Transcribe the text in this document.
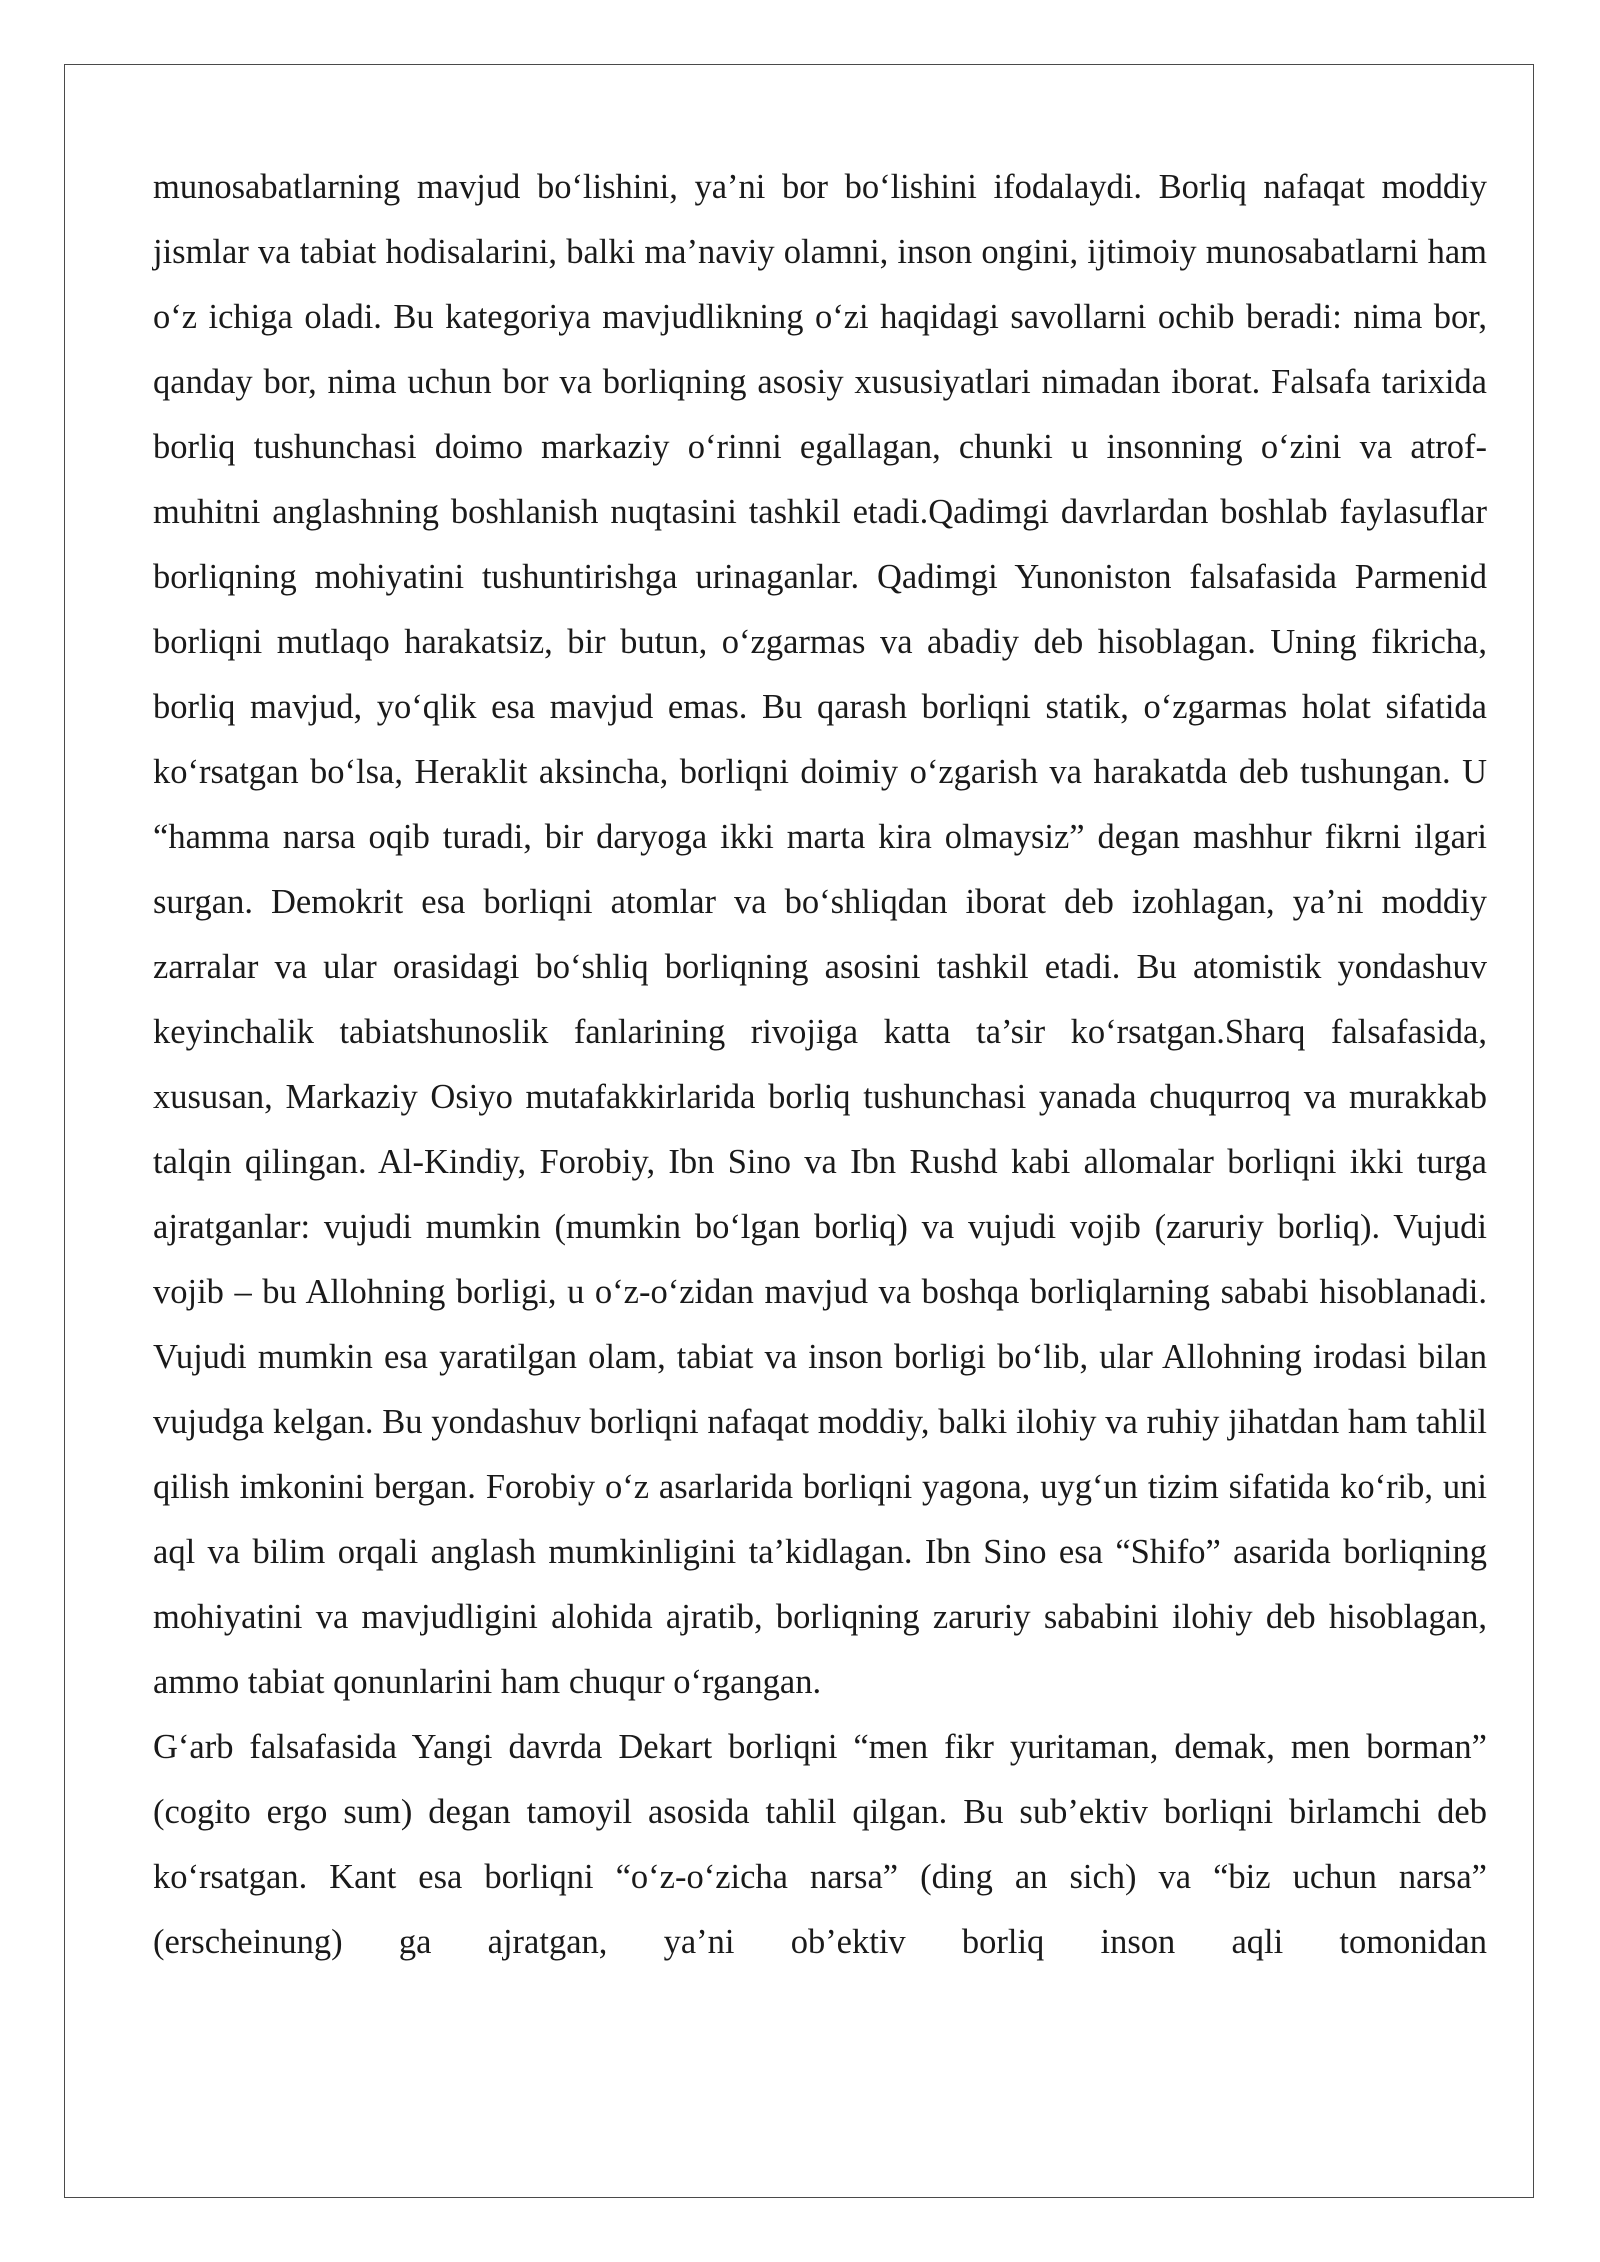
munosabatlarning mavjud bo‘lishini, ya’ni bor bo‘lishini ifodalaydi. Borliq nafaqat moddiy jismlar va tabiat hodisalarini, balki ma’naviy olamni, inson ongini, ijtimoiy munosabatlarni ham o‘z ichiga oladi. Bu kategoriya mavjudlikning o‘zi haqidagi savollarni ochib beradi: nima bor, qanday bor, nima uchun bor va borliqning asosiy xususiyatlari nimadan iborat. Falsafa tarixida borliq tushunchasi doimo markaziy o‘rinni egallagan, chunki u insonning o‘zini va atrof-muhitni anglashning boshlanish nuqtasini tashkil etadi.Qadimgi davrlardan boshlab faylasuflar borliqning mohiyatini tushuntirishga urinaganlar. Qadimgi Yunoniston falsafasida Parmenid borliqni mutlaqo harakatsiz, bir butun, o‘zgarmas va abadiy deb hisoblagan. Uning fikricha, borliq mavjud, yo‘qlik esa mavjud emas. Bu qarash borliqni statik, o‘zgarmas holat sifatida ko‘rsatgan bo‘lsa, Heraklit aksincha, borliqni doimiy o‘zgarish va harakatda deb tushungan. U “hamma narsa oqib turadi, bir daryoga ikki marta kira olmaysiz” degan mashhur fikrni ilgari surgan. Demokrit esa borliqni atomlar va bo‘shliqdan iborat deb izohlagan, ya’ni moddiy zarralar va ular orasidagi bo‘shliq borliqning asosini tashkil etadi. Bu atomistik yondashuv keyinchalik tabiatshunoslik fanlarining rivojiga katta ta’sir ko‘rsatgan.Sharq falsafasida, xususan, Markaziy Osiyo mutafakkirlarida borliq tushunchasi yanada chuqurroq va murakkab talqin qilingan. Al-Kindiy, Forobiy, Ibn Sino va Ibn Rushd kabi allomalar borliqni ikki turga ajratganlar: vujudi mumkin (mumkin bo‘lgan borliq) va vujudi vojib (zaruriy borliq). Vujudi vojib – bu Allohning borligi, u o‘z-o‘zidan mavjud va boshqa borliqlarning sababi hisoblanadi. Vujudi mumkin esa yaratilgan olam, tabiat va inson borligi bo‘lib, ular Allohning irodasi bilan vujudga kelgan. Bu yondashuv borliqni nafaqat moddiy, balki ilohiy va ruhiy jihatdan ham tahlil qilish imkonini bergan. Forobiy o‘z asarlarida borliqni yagona, uyg‘un tizim sifatida ko‘rib, uni aql va bilim orqali anglash mumkinligini ta’kidlagan. Ibn Sino esa “Shifo” asarida borliqning mohiyatini va mavjudligini alohida ajratib, borliqning zaruriy sababini ilohiy deb hisoblagan, ammo tabiat qonunlarini ham chuqur o‘rgangan.

G‘arb falsafasida Yangi davrda Dekart borliqni “men fikr yuritaman, demak, men borman” (cogito ergo sum) degan tamoyil asosida tahlil qilgan. Bu sub’ektiv borliqni birlamchi deb ko‘rsatgan. Kant esa borliqni “o‘z-o‘zicha narsa” (ding an sich) va “biz uchun narsa” (erscheinung) ga ajratgan, ya’ni ob’ektiv borliq inson aqli tomonidan
